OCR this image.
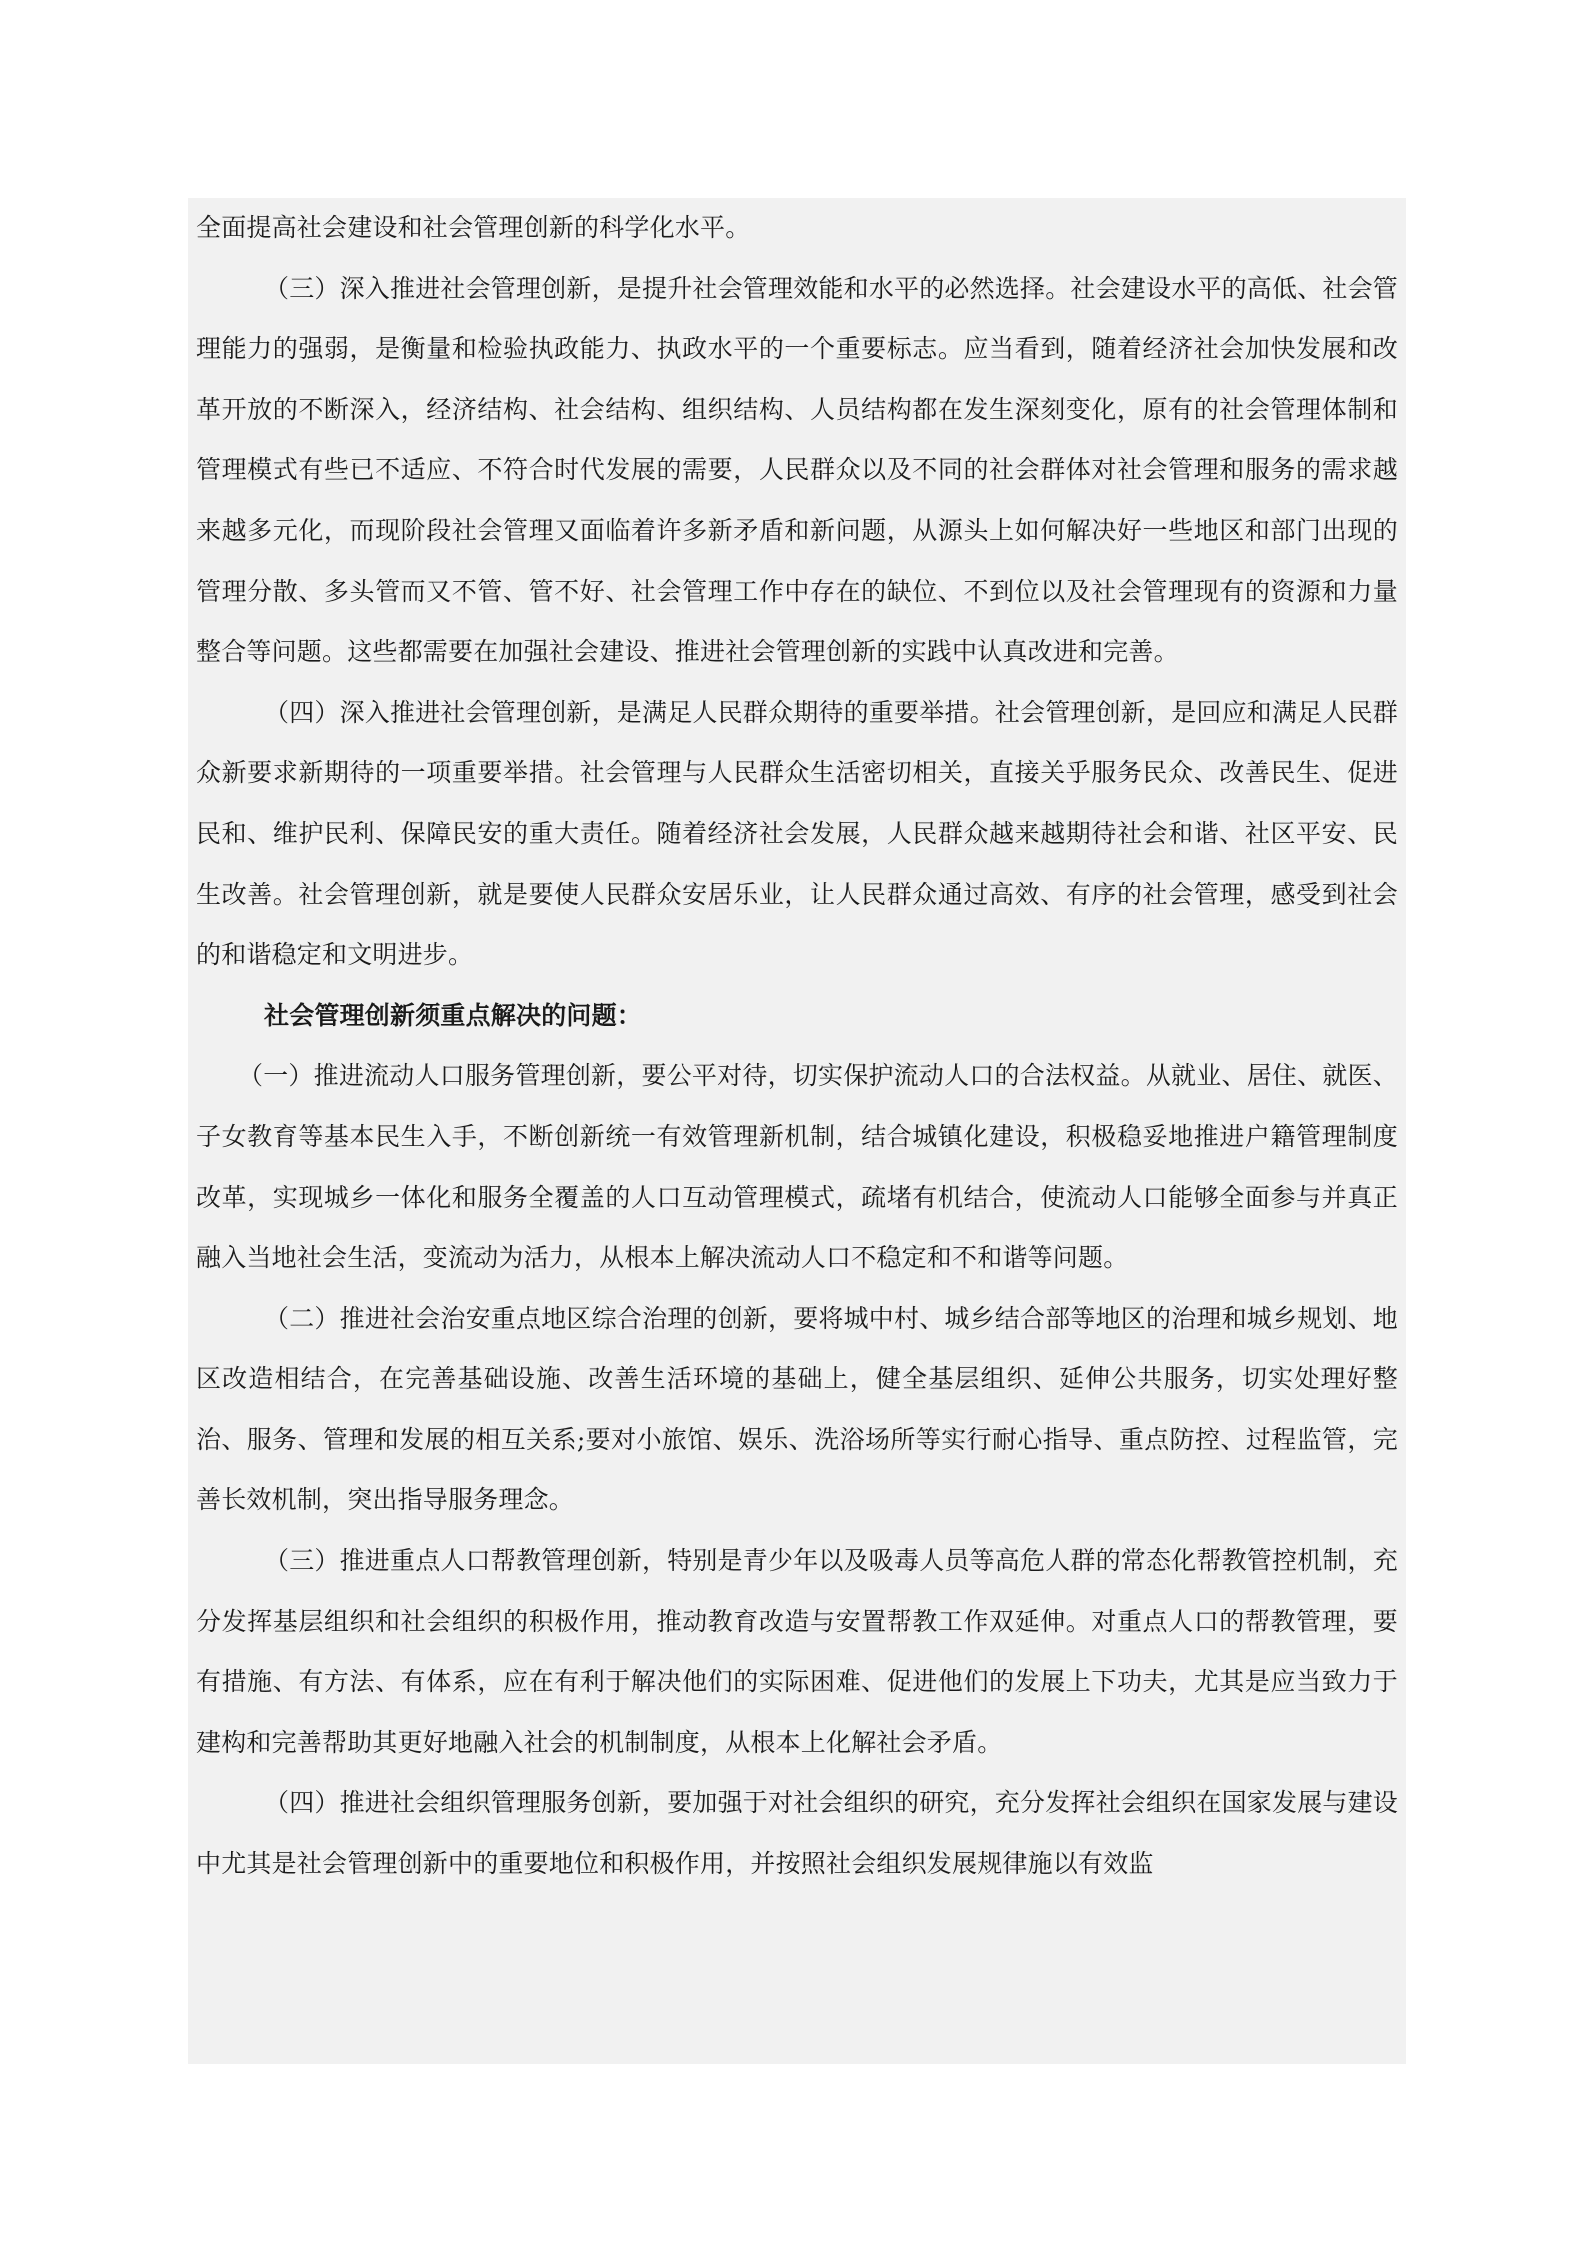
全面提高社会建设和社会管理创新的科学化水平。

（三）深入推进社会管理创新，是提升社会管理效能和水平的必然选择。社会建设水平的高低、社会管理能力的强弱，是衡量和检验执政能力、执政水平的一个重要标志。应当看到，随着经济社会加快发展和改革开放的不断深入，经济结构、社会结构、组织结构、人员结构都在发生深刻变化，原有的社会管理体制和管理模式有些已不适应、不符合时代发展的需要，人民群众以及不同的社会群体对社会管理和服务的需求越来越多元化，而现阶段社会管理又面临着许多新矛盾和新问题，从源头上如何解决好一些地区和部门出现的管理分散、多头管而又不管、管不好、社会管理工作中存在的缺位、不到位以及社会管理现有的资源和力量整合等问题。这些都需要在加强社会建设、推进社会管理创新的实践中认真改进和完善。

（四）深入推进社会管理创新，是满足人民群众期待的重要举措。社会管理创新，是回应和满足人民群众新要求新期待的一项重要举措。社会管理与人民群众生活密切相关，直接关乎服务民众、改善民生、促进民和、维护民利、保障民安的重大责任。随着经济社会发展，人民群众越来越期待社会和谐、社区平安、民生改善。社会管理创新，就是要使人民群众安居乐业，让人民群众通过高效、有序的社会管理，感受到社会的和谐稳定和文明进步。

社会管理创新须重点解决的问题：

（一）推进流动人口服务管理创新，要公平对待，切实保护流动人口的合法权益。从就业、居住、就医、子女教育等基本民生入手，不断创新统一有效管理新机制，结合城镇化建设，积极稳妥地推进户籍管理制度改革，实现城乡一体化和服务全覆盖的人口互动管理模式，疏堵有机结合，使流动人口能够全面参与并真正融入当地社会生活，变流动为活力，从根本上解决流动人口不稳定和不和谐等问题。

（二）推进社会治安重点地区综合治理的创新，要将城中村、城乡结合部等地区的治理和城乡规划、地区改造相结合，在完善基础设施、改善生活环境的基础上，健全基层组织、延伸公共服务，切实处理好整治、服务、管理和发展的相互关系;要对小旅馆、娱乐、洗浴场所等实行耐心指导、重点防控、过程监管，完善长效机制，突出指导服务理念。

（三）推进重点人口帮教管理创新，特别是青少年以及吸毒人员等高危人群的常态化帮教管控机制，充分发挥基层组织和社会组织的积极作用，推动教育改造与安置帮教工作双延伸。对重点人口的帮教管理，要有措施、有方法、有体系，应在有利于解决他们的实际困难、促进他们的发展上下功夫，尤其是应当致力于建构和完善帮助其更好地融入社会的机制制度，从根本上化解社会矛盾。

（四）推进社会组织管理服务创新，要加强于对社会组织的研究，充分发挥社会组织在国家发展与建设中尤其是社会管理创新中的重要地位和积极作用，并按照社会组织发展规律施以有效监
